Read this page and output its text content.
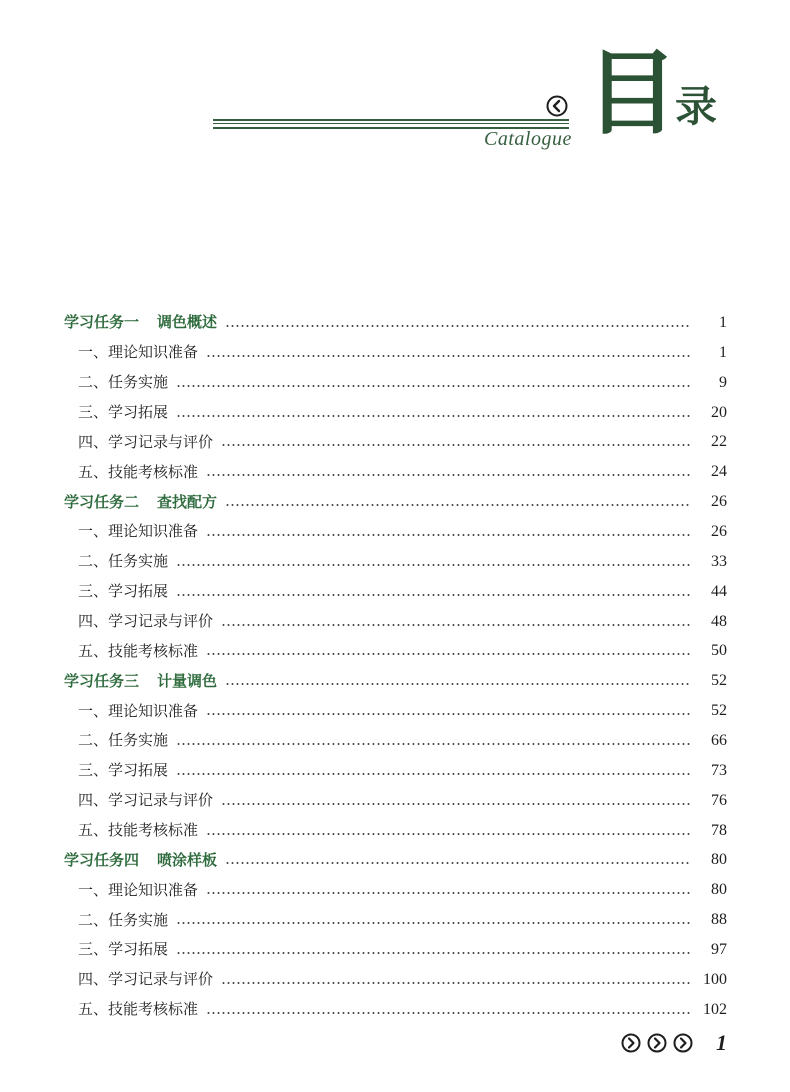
Catalogue 目
录
学习任务一 调色概述	1
一、理论知识准备	1
二、任务实施	9
三、学习拓展	20
四、学习记录与评价	22
五、技能考核标准	24
学习任务二 查找配方	26
一、理论知识准备	26
二、任务实施	33
三、学习拓展	44
四、学习记录与评价	48
五、技能考核标准	50
学习任务三 计量调色	52
一、理论知识准备	52
二、任务实施	66
三、学习拓展	73
四、学习记录与评价	76
五、技能考核标准	78
学习任务四 喷涂样板	80
一、理论知识准备	80
二、任务实施	88
三、学习拓展	97
四、学习记录与评价	100
五、技能考核标准	102
1
